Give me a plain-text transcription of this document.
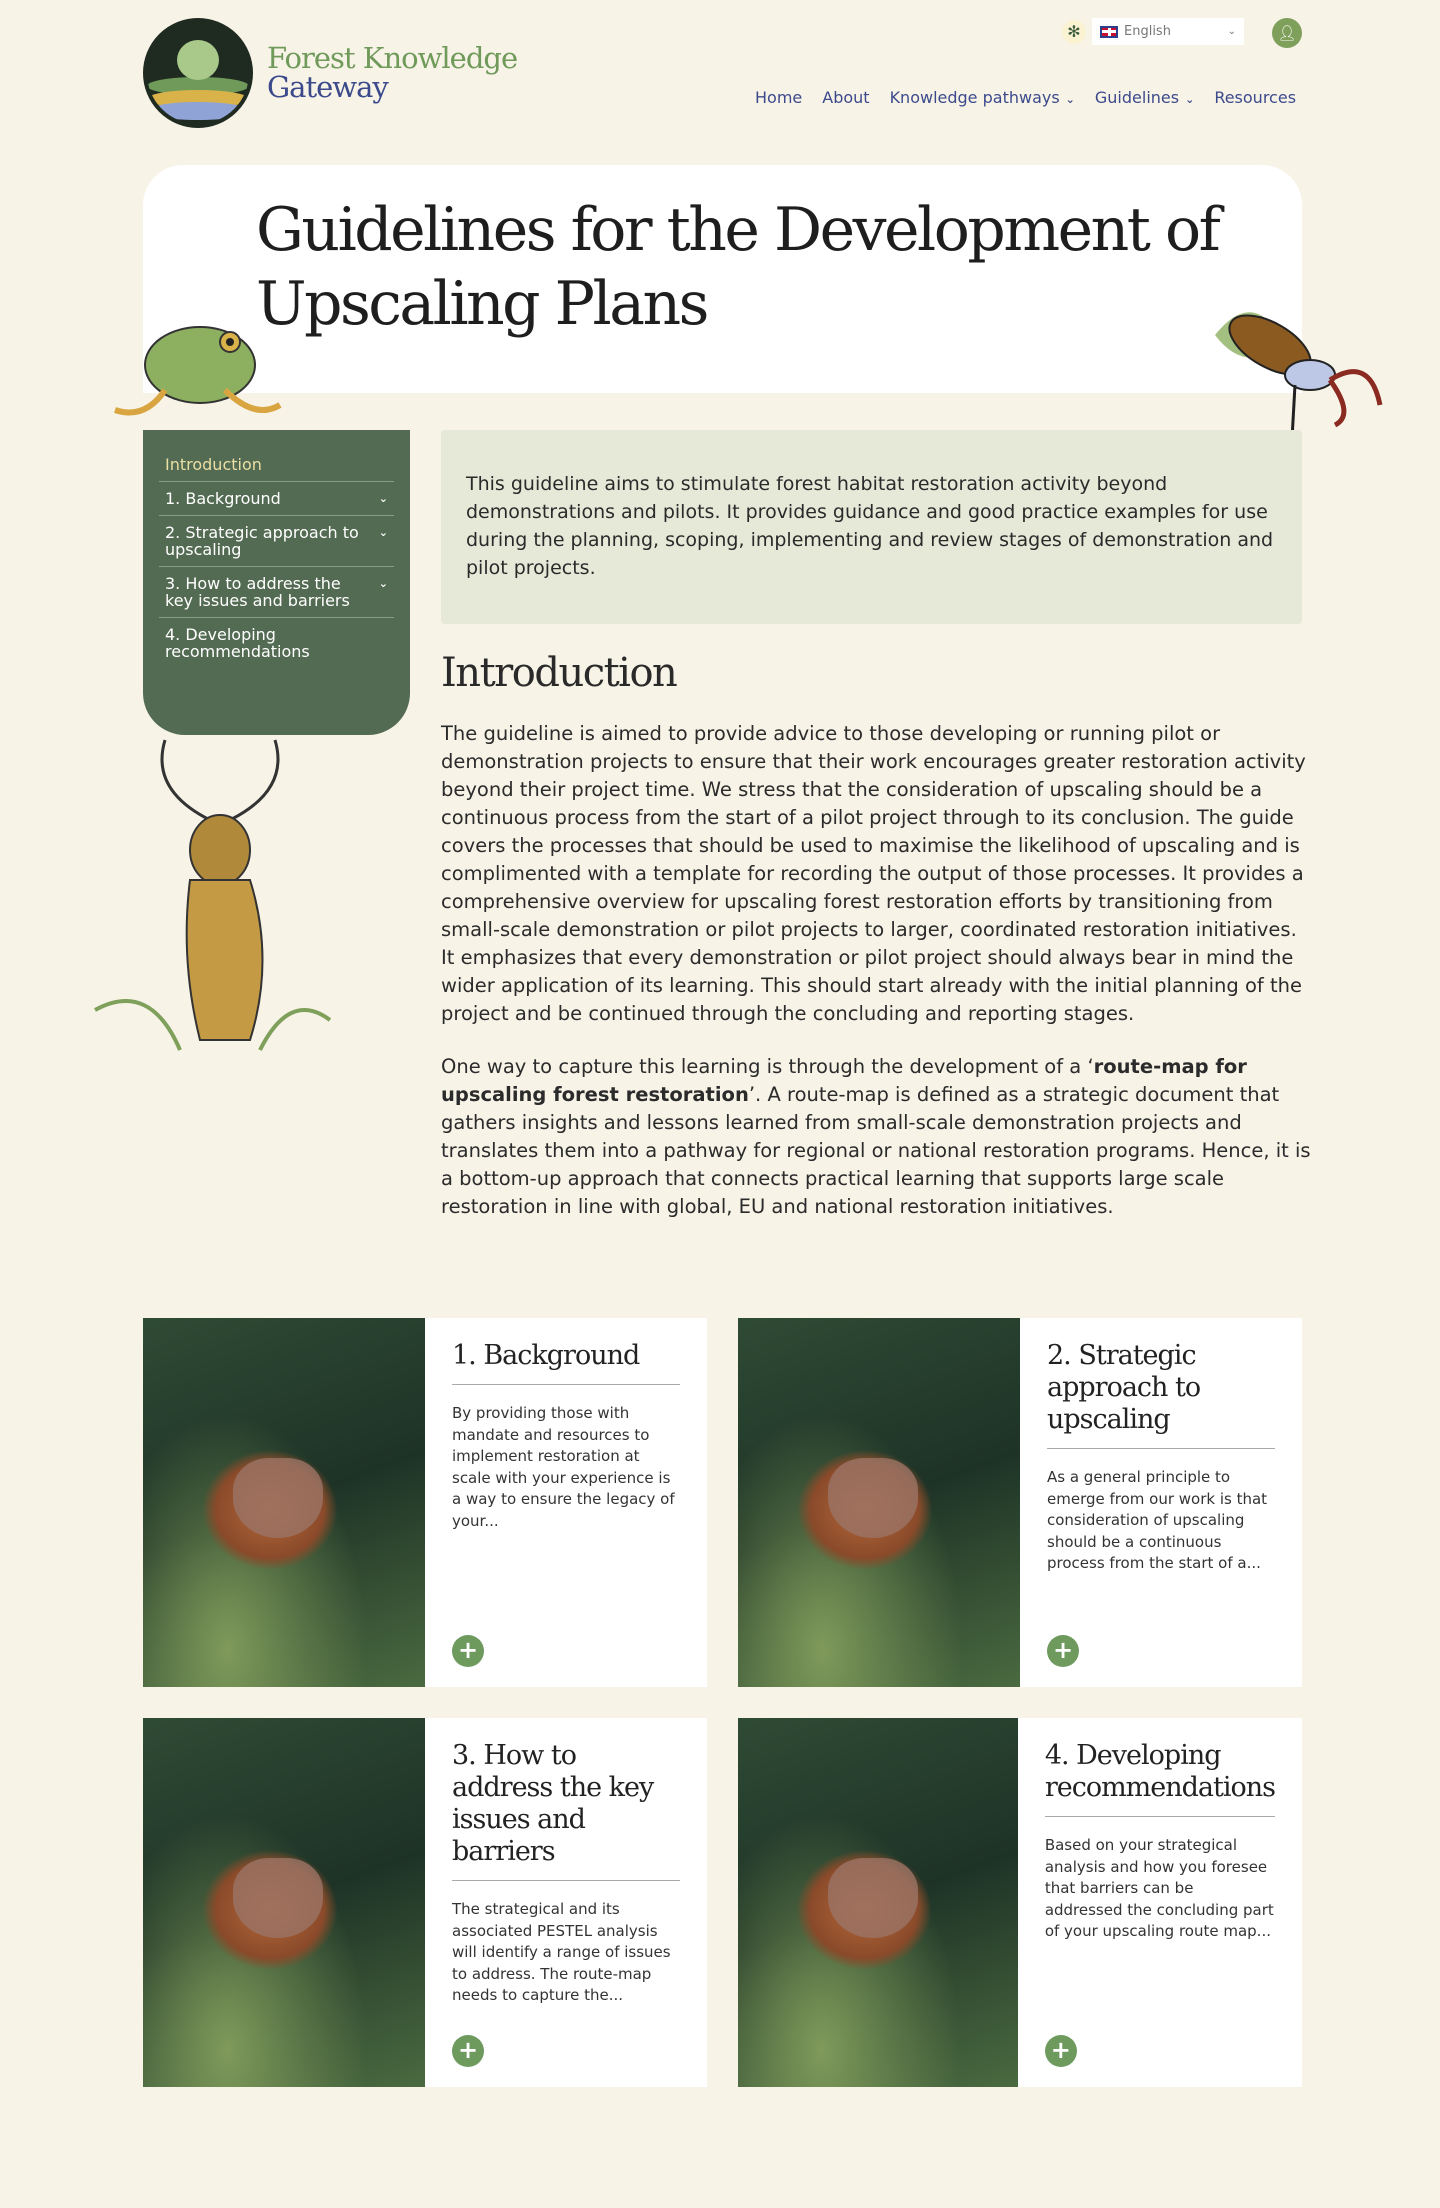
Forest Knowledge
Gateway
✻	English	⌄	👤︎
Home About Knowledge pathways ⌄ Guidelines ⌄ Resources
Guidelines for the Development of Upscaling Plans
Introduction
1. Background	⌄
2. Strategic approach to upscaling
⌄
3. How to address the key issues and barriers
⌄
4. Developing recommendations
This guideline aims to stimulate forest habitat restoration activity beyond demonstrations and pilots. It provides guidance and good practice examples for use during the planning, scoping, implementing and review stages of demonstration and pilot projects.
Introduction

The guideline is aimed to provide advice to those developing or running pilot or demonstration projects to ensure that their work encourages greater restoration activity beyond their project time. We stress that the consideration of upscaling should be a continuous process from the start of a pilot project through to its conclusion. The guide covers the processes that should be used to maximise the likelihood of upscaling and is complimented with a template for recording the output of those processes. It provides a comprehensive overview for upscaling forest restoration efforts by transitioning from small-scale demonstration or pilot projects to larger, coordinated restoration initiatives. It emphasizes that every demonstration or pilot project should always bear in mind the wider application of its learning. This should start already with the initial planning of the project and be continued through the concluding and reporting stages.

One way to capture this learning is through the development of a ‘route-map for upscaling forest restoration’. A route-map is defined as a strategic document that gathers insights and lessons learned from small-scale demonstration projects and translates them into a pathway for regional or national restoration programs. Hence, it is a bottom-up approach that connects practical learning that supports large scale restoration in line with global, EU and national restoration initiatives.

1. Background

By providing those with mandate and resources to implement restoration at scale with your experience is a way to ensure the legacy of your...

+
2. Strategic approach to upscaling

As a general principle to emerge from our work is that consideration of upscaling should be a continuous process from the start of a...

+
3. How to address the key issues and barriers

The strategical and its associated PESTEL analysis will identify a range of issues to address. The route-map needs to capture the...

+
4. Developing recommendations

Based on your strategical analysis and how you foresee that barriers can be addressed the concluding part of your upscaling route map...

+
